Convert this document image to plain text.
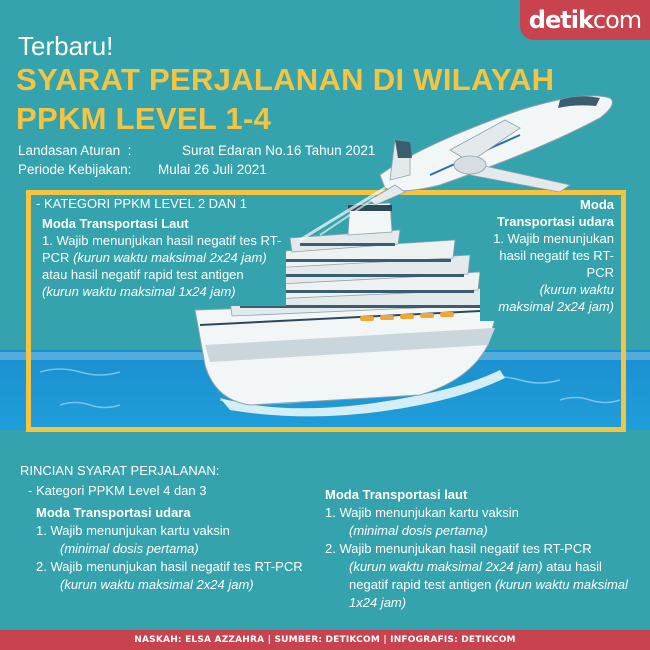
detik com
Terbaru!
SYARAT PERJALANAN DI WILAYAH
PPKM LEVEL 1-4
Landasan Aturan :	Surat Edaran No.16 Tahun 2021
Periode Kebijakan:	Mulai 26 Juli 2021
- KATEGORI PPKM LEVEL 2 DAN 1
Moda Transportasi Laut
1. Wajib menunjukan hasil negatif tes RT-PCR (kurun waktu maksimal 2x24 jam) atau hasil negatif rapid test antigen (kurun waktu maksimal 1x24 jam)
Moda
Transportasi udara
1. Wajib menunjukan hasil negatif tes RT-PCR
(kurun waktu maksimal 2x24 jam)
RINCIAN SYARAT PERJALANAN:
- Kategori PPKM Level 4 dan 3
Moda Transportasi udara
1. Wajib menunjukan kartu vaksin
(minimal dosis pertama)
2. Wajib menunjukan hasil negatif tes RT-PCR (kurun waktu maksimal 2x24 jam)
Moda Transportasi laut
1. Wajib menunjukan kartu vaksin
(minimal dosis pertama)
2. Wajib menunjukan hasil negatif tes RT-PCR
(kurun waktu maksimal 2x24 jam) atau hasil negatif rapid test antigen (kurun waktu maksimal 1x24 jam)
NASKAH: ELSA AZZAHRA | SUMBER: DETIKCOM | INFOGRAFIS: DETIKCOM
